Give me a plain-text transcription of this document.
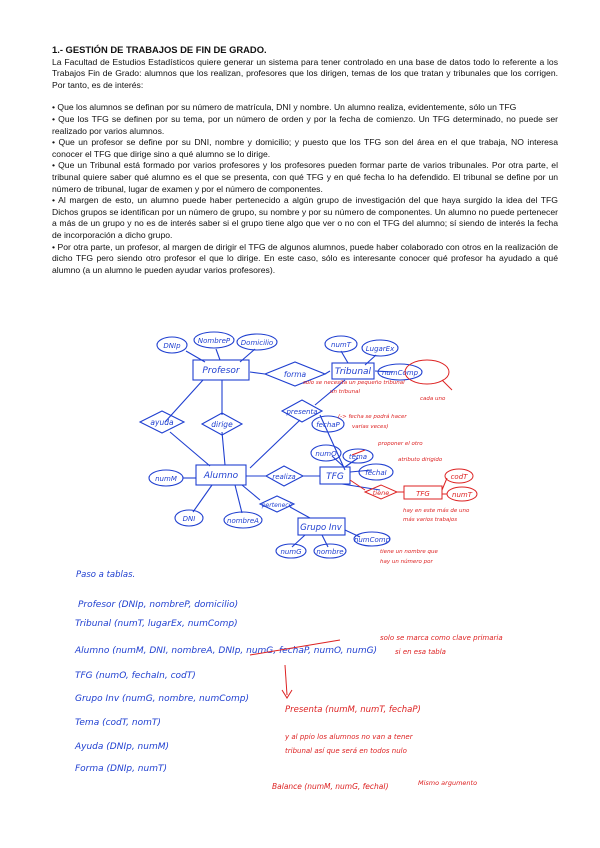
1.- GESTIÓN DE TRABAJOS DE FIN DE GRADO.

La Facultad de Estudios Estadísticos quiere generar un sistema para tener controlado en una base de datos todo lo referente a los Trabajos Fin de Grado: alumnos que los realizan, profesores que los dirigen, temas de los que tratan y tribunales que los corrigen. Por tanto, es de interés:

• Que los alumnos se definan por su número de matrícula, DNI y nombre. Un alumno realiza, evidentemente, sólo un TFG

• Que los TFG se definen por su tema, por un número de orden y por la fecha de comienzo. Un TFG determinado, no puede ser realizado por varios alumnos.

• Que un profesor se define por su DNI, nombre y domicilio; y puesto que los TFG son del área en el que trabaja, NO interesa conocer el TFG que dirige sino a qué alumno se lo dirige.

• Que un Tribunal está formado por varios profesores y los profesores pueden formar parte de varios tribunales. Por otra parte, el tribunal quiere saber qué alumno es el que se presenta, con qué TFG y en qué fecha lo ha defendido. El tribunal se define por un número de tribunal, lugar de examen y por el número de componentes.

• Al margen de esto, un alumno puede haber pertenecido a algún grupo de investigación del que haya surgido la idea del TFG Dichos grupos se identifican por un número de grupo, su nombre y por su número de componentes. Un alumno no puede pertenecer a más de un grupo y no es de interés saber si el grupo tiene algo que ver o no con el TFG del alumno; sí siendo de interés la fecha de incorporación a dicho grupo.

• Por otra parte, un profesor, al margen de dirigir el TFG de algunos alumnos, puede haber colaborado con otros en la realización de dicho TFG pero siendo otro profesor el que lo dirige. En este caso, sólo es interesante conocer qué profesor ha ayudado a qué alumno (a un alumno le pueden ayudar varios profesores).

Profesor	Tribunal
Alumno	TFG
Grupo Inv
forma
ayuda	dirige
presenta
realiza
pertenece
tiene
DNIp
NombreP Domicilio	numT LugarEx
numComp
fechaP
numM
DNI	nombreA
numO tema
fechaI
numG nombre
numComp
TFG
codT
numT
solo se necesita un pequeño tribunal
un tribunal
(-> fecha se podrá hacer
varias veces)
proponer el otro
atributo dirigido
hay en este más de uno
más varios trabajos
tiene un nombre que
hay un número por
cada uno
Paso a tablas.
Profesor (DNIp, nombreP, domicilio)
Tribunal (numT, lugarEx, numComp)
Alumno (numM, DNI, nombreA, DNIp, numG, fechaP, numO, numG)
TFG (numO, fechaIn, codT)
Grupo Inv (numG, nombre, numComp)
Tema (codT, nomT)
Ayuda (DNIp, numM)
Forma (DNIp, numT)
solo se marca como clave primaria
si en esa tabla
Presenta (numM, numT, fechaP)
y al ppio los alumnos no van a tener
tribunal así que será en todos nulo
Balance (numM, numG, fechaI)	Mismo argumento
